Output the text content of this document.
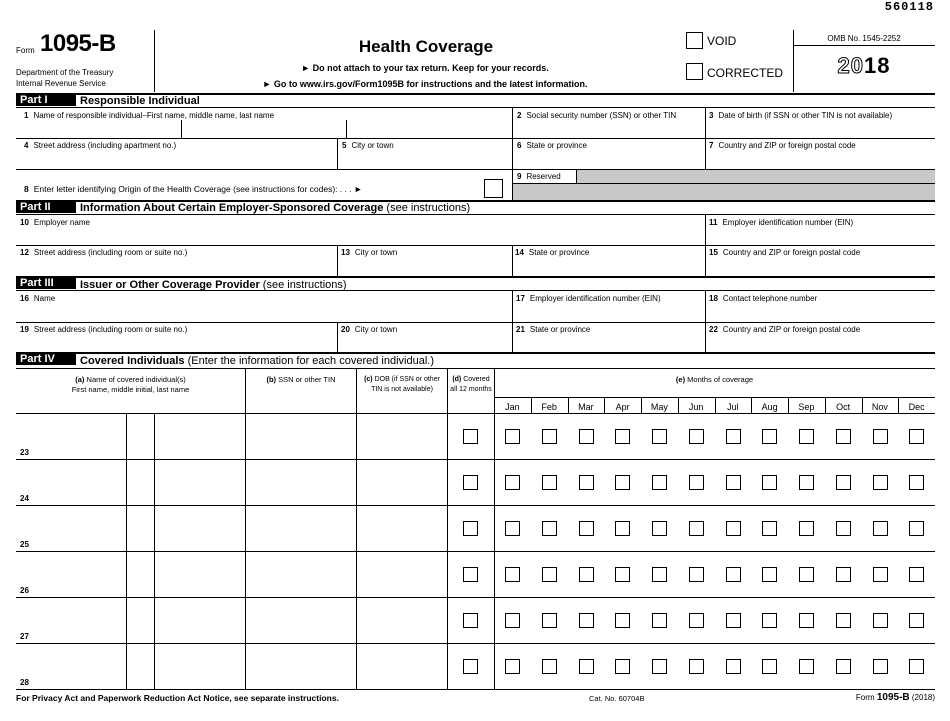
560118
Form 1095-B
Department of the Treasury
Internal Revenue Service
Health Coverage
► Do not attach to your tax return. Keep for your records.
► Go to www.irs.gov/Form1095B for instructions and the latest information.
VOID
CORRECTED
OMB No. 1545-2252
2018
Part I	Responsible Individual
1 Name of responsible individual–First name, middle name, last name	2 Social security number (SSN) or other TIN	3 Date of birth (if SSN or other TIN is not available)
4 Street address (including apartment no.)	5 City or town	6 State or province	7 Country and ZIP or foreign postal code
8 Enter letter identifying Origin of the Health Coverage (see instructions for codes): . . . ►
9 Reserved
Part II	Information About Certain Employer-Sponsored Coverage (see instructions)
10 Employer name	11 Employer identification number (EIN)
12 Street address (including room or suite no.)	13 City or town	14 State or province	15 Country and ZIP or foreign postal code
Part III	Issuer or Other Coverage Provider (see instructions)
16 Name	17 Employer identification number (EIN)	18 Contact telephone number
19 Street address (including room or suite no.)	20 City or town	21 State or province	22 Country and ZIP or foreign postal code
Part IV	Covered Individuals (Enter the information for each covered individual.)
(a) Name of covered individual(s)
First name, middle initial, last name
(b) SSN or other TIN	(c) DOB (if SSN or other
TIN is not available)
(d) Covered
all 12 months
(e) Months of coverage
Jan	Feb	Mar	Apr	May	Jun	Jul	Aug	Sep	Oct	Nov	Dec
23
24
25
26
27
28
For Privacy Act and Paperwork Reduction Act Notice, see separate instructions.	Cat. No. 60704B	Form 1095-B (2018)
